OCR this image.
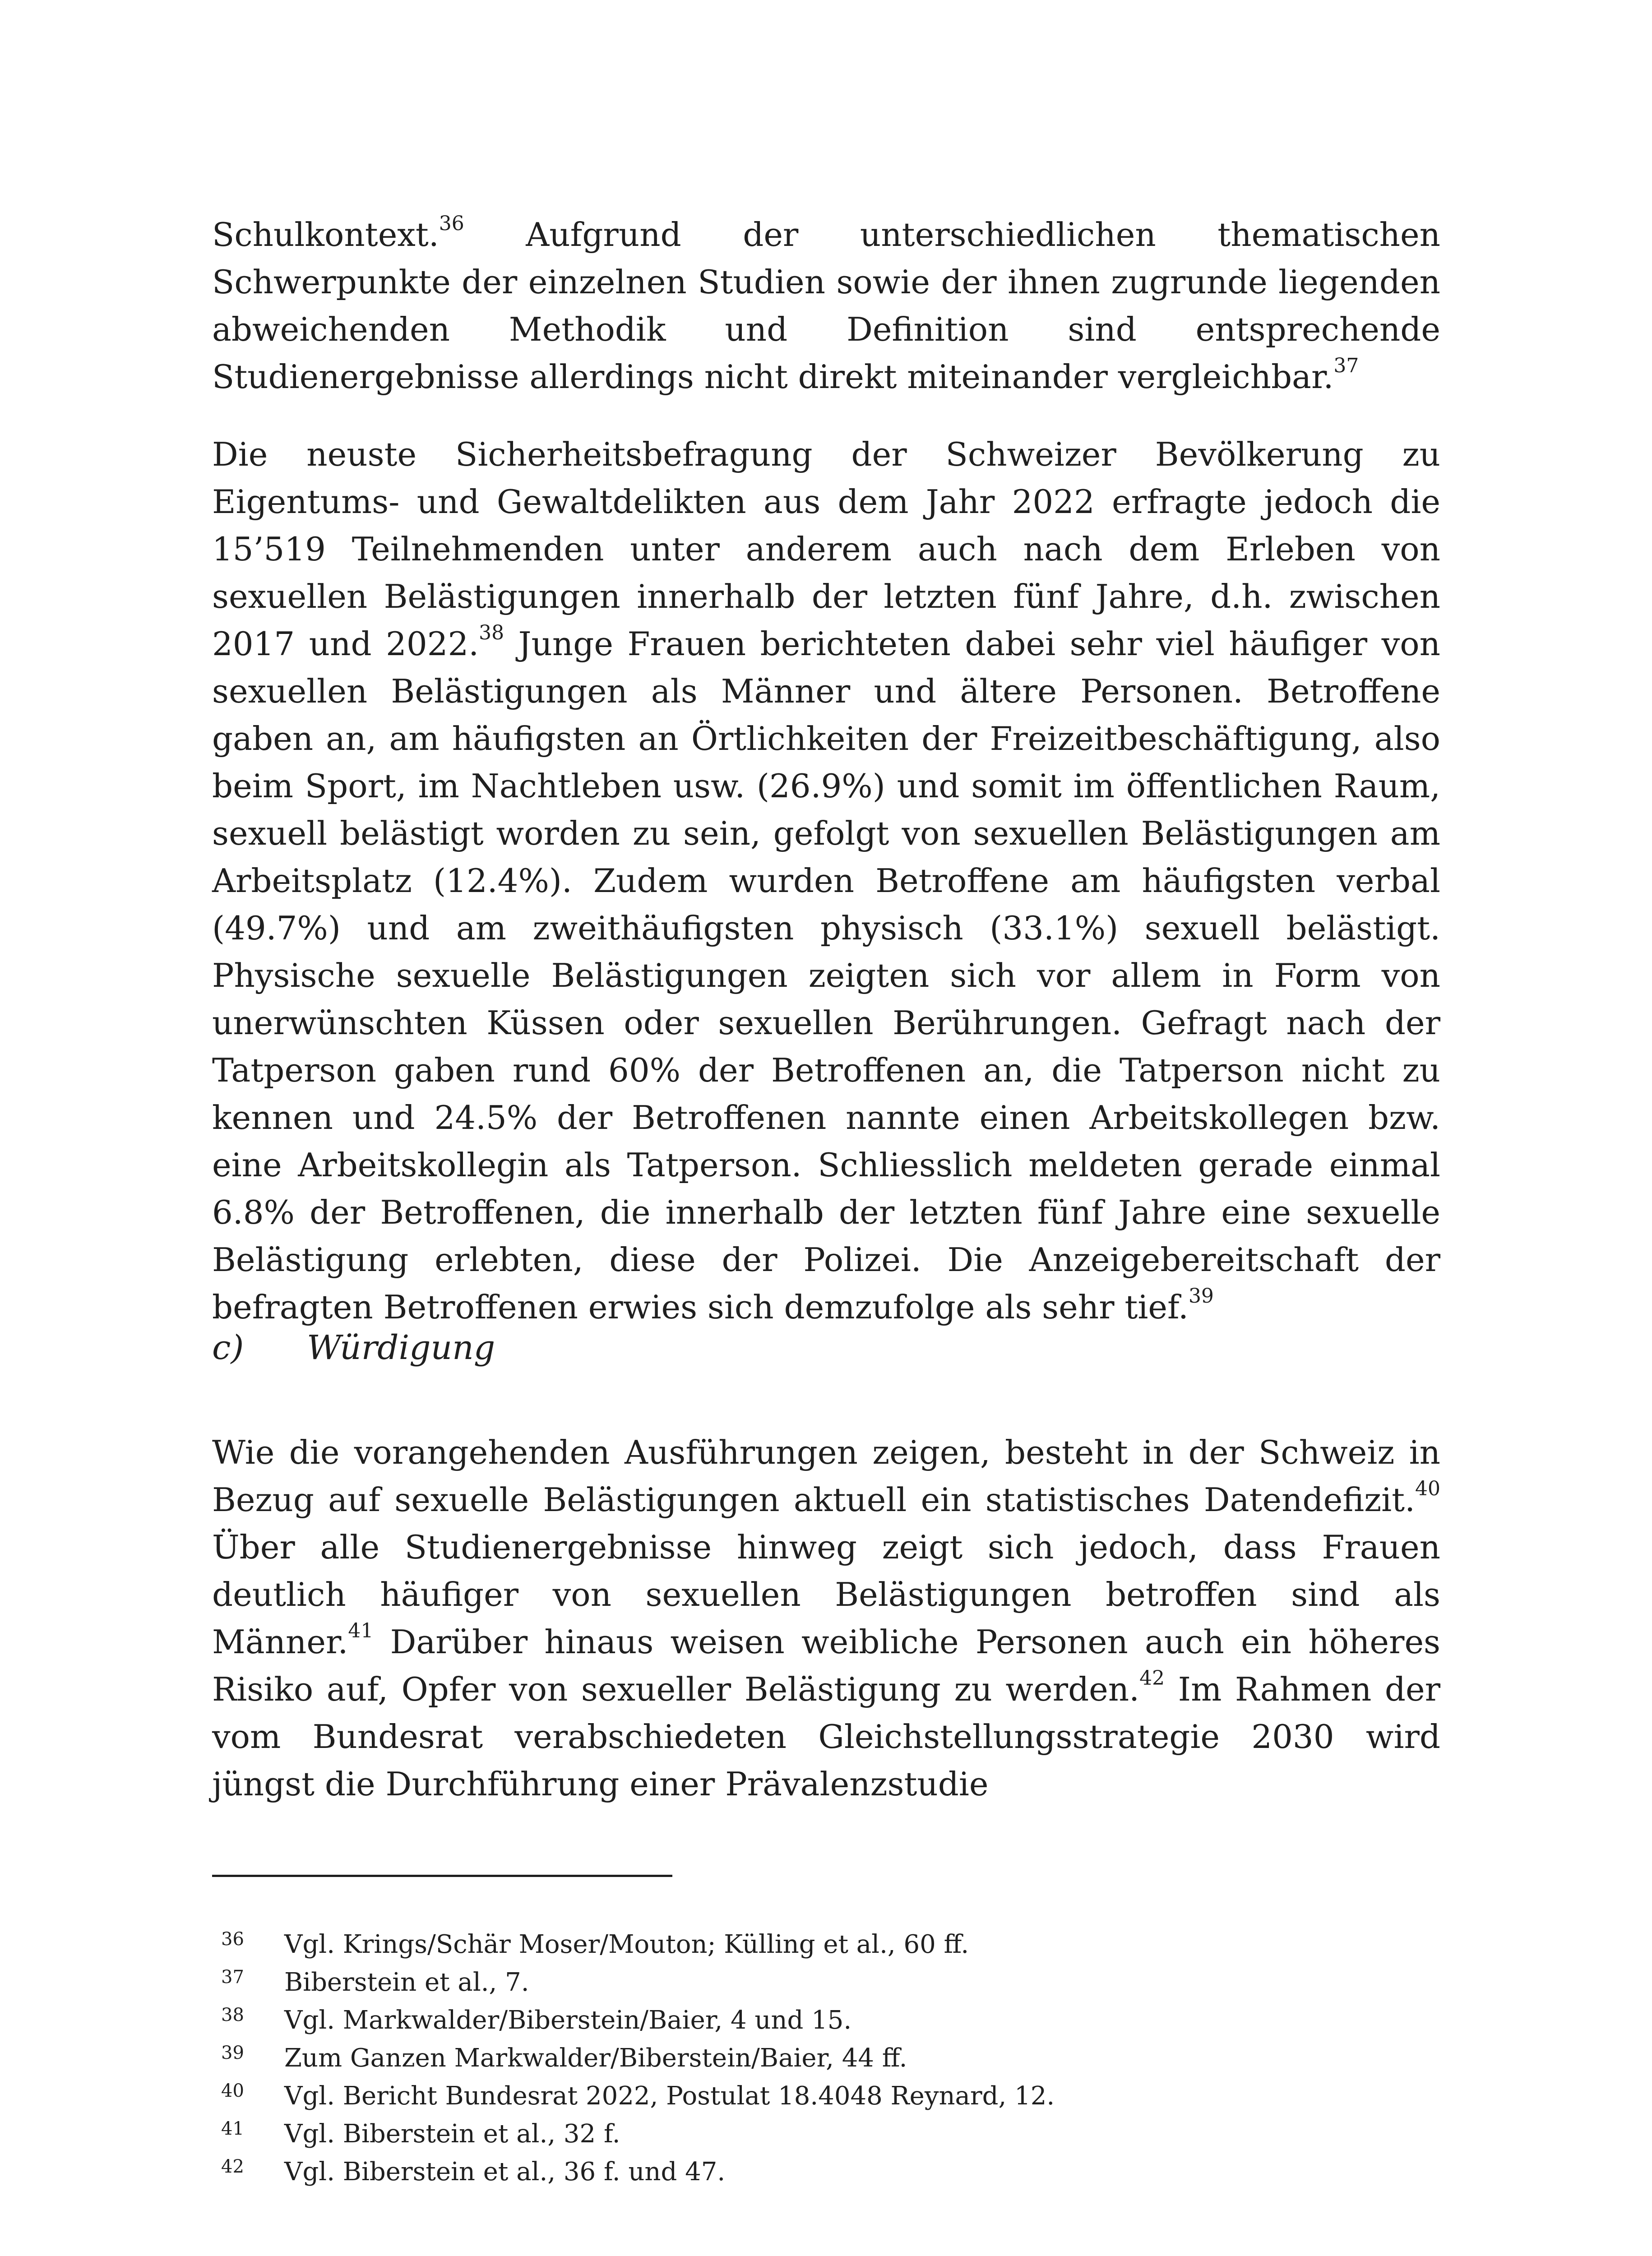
Schulkontext.$^{36}$ Aufgrund der unterschiedlichen thematischen Schwerpunkte der einzelnen Studien sowie der ihnen zugrunde liegenden abweichenden Methodik und Definition sind entsprechende Studienergebnisse allerdings nicht direkt miteinander vergleichbar.$^{37}$

Die neuste Sicherheitsbefragung der Schweizer Bevölkerung zu Eigentums- und Gewaltdelikten aus dem Jahr 2022 erfragte jedoch die 15’519 Teilnehmenden unter anderem auch nach dem Erleben von sexuellen Belästigungen innerhalb der letzten fünf Jahre, d.h. zwischen 2017 und 2022.38 Junge Frauen berichteten dabei sehr viel häufiger von sexuellen Belästigungen als Männer und ältere Personen. Betroffene gaben an, am häufigsten an Örtlichkeiten der Freizeitbeschäftigung, also beim Sport, im Nachtleben usw. (26.9%) und somit im öffentlichen Raum, sexuell belästigt worden zu sein, gefolgt von sexuellen Belästigungen am Arbeitsplatz (12.4%). Zudem wurden Betroffene am häufigsten verbal (49.7%) und am zweithäufigsten physisch (33.1%) sexuell belästigt. Physische sexuelle Belästigungen zeigten sich vor allem in Form von unerwünschten Küssen oder sexuellen Berührungen. Gefragt nach der Tatperson gaben rund 60% der Betroffenen an, die Tatperson nicht zu kennen und 24.5% der Betroffenen nannte einen Arbeitskollegen bzw. eine Arbeitskollegin als Tatperson. Schliesslich meldeten gerade einmal 6.8% der Betroffenen, die innerhalb der letzten fünf Jahre eine sexuelle Belästigung erlebten, diese der Polizei. Die Anzeigebereitschaft der befragten Betroffenen erwies sich demzufolge als sehr tief.$^{39}$

c) Würdigung

Wie die vorangehenden Ausführungen zeigen, besteht in der Schweiz in Bezug auf sexuelle Belästigungen aktuell ein statistisches Datendefizit.$^{40}$ Über alle Studienergebnisse hinweg zeigt sich jedoch, dass Frauen deutlich häufiger von sexuellen Belästigungen betroffen sind als Männer.$^{41}$ Darüber hinaus weisen weibliche Personen auch ein höheres Risiko auf, Opfer von sexueller Belästigung zu werden.$^{42}$ Im Rahmen der vom Bundesrat verabschiedeten Gleichstellungsstrategie 2030 wird jüngst die Durchführung einer Prävalenzstudie

36 Vgl. Krings/Schär Moser/Mouton; Külling et al., 60 ff.
37 Biberstein et al., 7.
38 Vgl. Markwalder/Biberstein/Baier, 4 und 15.
39 Zum Ganzen Markwalder/Biberstein/Baier, 44 ff.
40 Vgl. Bericht Bundesrat 2022, Postulat 18.4048 Reynard, 12.
41 Vgl. Biberstein et al., 32 f.
42 Vgl. Biberstein et al., 36 f. und 47.
